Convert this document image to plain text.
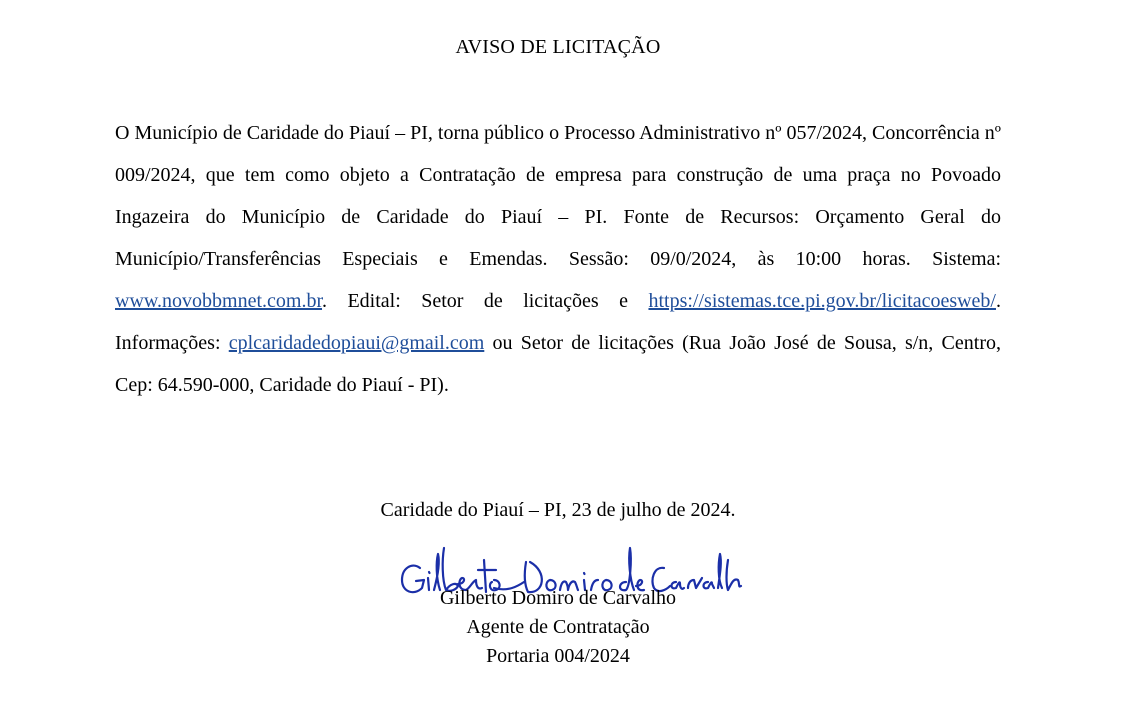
AVISO DE LICITAÇÃO
O Município de Caridade do Piauí – PI, torna público o Processo Administrativo nº 057/2024, Concorrência nº 009/2024, que tem como objeto a Contratação de empresa para construção de uma praça no Povoado Ingazeira do Município de Caridade do Piauí – PI. Fonte de Recursos: Orçamento Geral do Município/Transferências Especiais e Emendas. Sessão: 09/0/2024, às 10:00 horas. Sistema: www.novobbmnet.com.br. Edital: Setor de licitações e https://sistemas.tce.pi.gov.br/licitacoesweb/. Informações: cplcaridadedopiaui@gmail.com ou Setor de licitações (Rua João José de Sousa, s/n, Centro, Cep: 64.590-000, Caridade do Piauí - PI).
Caridade do Piauí – PI, 23 de julho de 2024.
Gilberto Domiro de Carvalho
Agente de Contratação
Portaria 004/2024
